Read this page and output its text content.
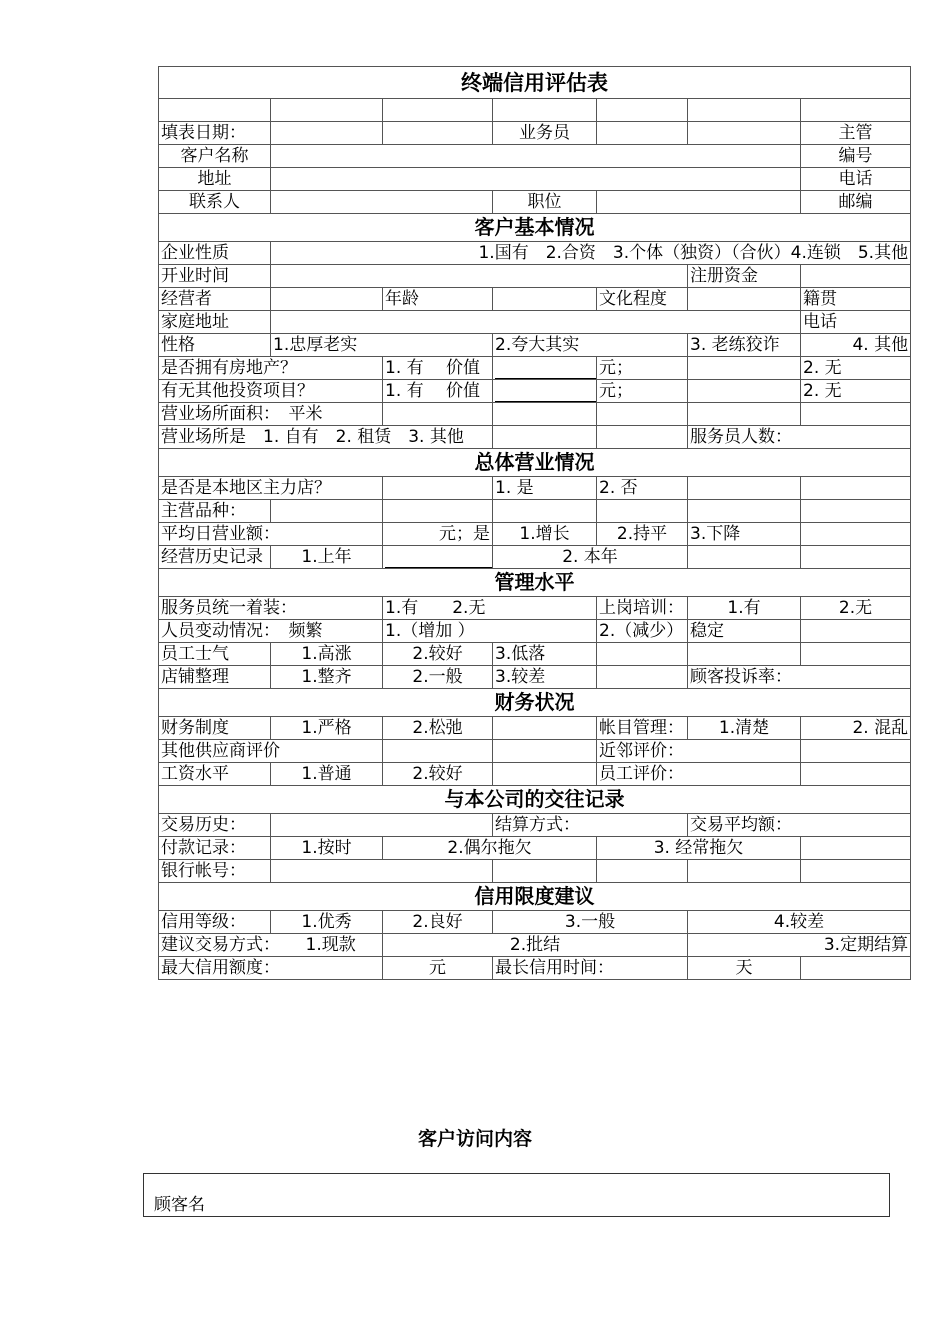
终端信用评估表						

填表日期：			业务员			主管
客户名称						编号
地址						电话
联系人			职位			邮编
客户基本情况						
企业性质	1.国有　2.合资　3.个体（独资）（合伙）4.连锁　5.其他					
开业时间					注册资金	
经营者		年龄		文化程度		籍贯
家庭地址						电话
性格	1.忠厚老实		2.夸大其实		3. 老练狡诈	4. 其他
是否拥有房地产？		1. 有　 价值		元；		2. 无
有无其他投资项目？		1. 有　 价值		元；		2. 无
营业场所面积：　平米						
营业场所是　1. 自有　2. 租赁　3. 其他					服务员人数：	
总体营业情况						
是否是本地区主力店？			1. 是	2. 否		
主营品种：						
平均日营业额：		元；是	1.增长	2.持平	3.下降	
经营历史记录	1.上年		2. 本年			
管理水平						
服务员统一着装：		1.有　　 2.无		上岗培训：	1.有	2.无
人员变动情况：　 频繁		1.（增加 ）		2.（减少）	稳定	
员工士气	1.高涨	2.较好	3.低落			
店铺整理	1.整齐	2.一般	3.较差		顾客投诉率：	
财务状况						
财务制度	1.严格	2.松弛		帐目管理：	1.清楚	2. 混乱
其他供应商评价				近邻评价：		
工资水平	1.普通	2.较好		员工评价：		
与本公司的交往记录						
交易历史：			结算方式：		交易平均额：	
付款记录：	1.按时	2.偶尔拖欠		3. 经常拖欠		
银行帐号：						
信用限度建议						
信用等级：	1.优秀	2.良好	3.一般		4.较差	
建议交易方式：　　 1.现款		2.批结			3.定期结算	
最大信用额度：		元	最长信用时间：		天	
客户访问内容
顾客名
